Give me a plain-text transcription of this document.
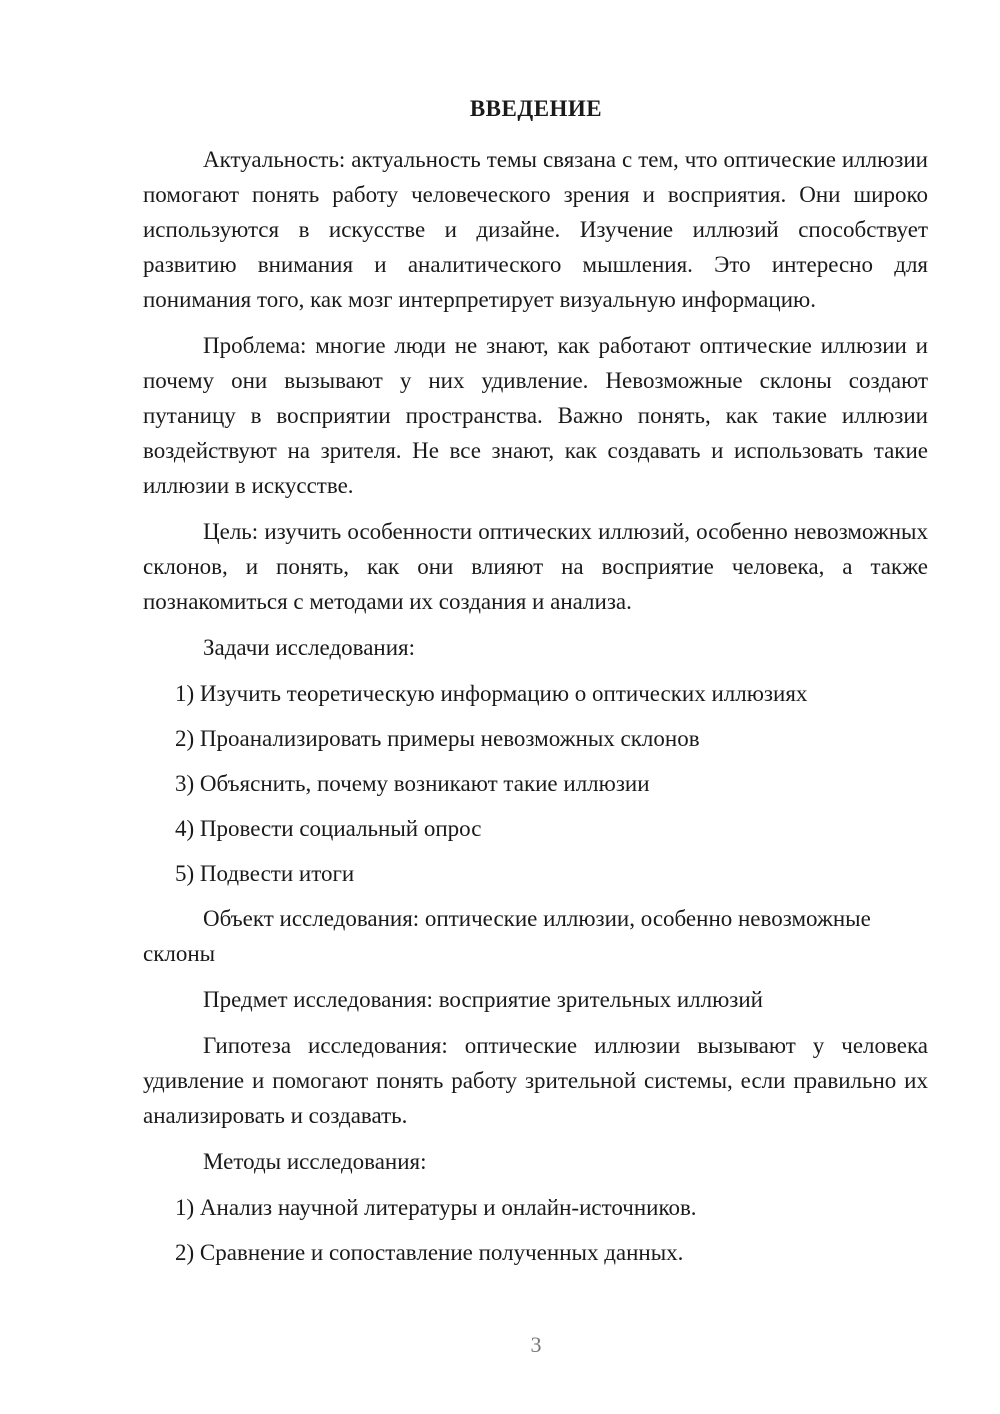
ВВЕДЕНИЕ

Актуальность: актуальность темы связана с тем, что оптические иллюзии помогают понять работу человеческого зрения и восприятия. Они широко используются в искусстве и дизайне. Изучение иллюзий способствует развитию внимания и аналитического мышления. Это интересно для понимания того, как мозг интерпретирует визуальную информацию.

Проблема: многие люди не знают, как работают оптические иллюзии и почему они вызывают у них удивление. Невозможные склоны создают путаницу в восприятии пространства. Важно понять, как такие иллюзии воздействуют на зрителя. Не все знают, как создавать и использовать такие иллюзии в искусстве.

Цель: изучить особенности оптических иллюзий, особенно невозможных склонов, и понять, как они влияют на восприятие человека, а также познакомиться с методами их создания и анализа.

Задачи исследования:

1) Изучить теоретическую информацию о оптических иллюзиях

2) Проанализировать примеры невозможных склонов

3) Объяснить, почему возникают такие иллюзии

4) Провести социальный опрос

5) Подвести итоги

Объект исследования: оптические иллюзии, особенно невозможные склоны

Предмет исследования: восприятие зрительных иллюзий

Гипотеза исследования: оптические иллюзии вызывают у человека удивление и помогают понять работу зрительной системы, если правильно их анализировать и создавать.

Методы исследования:

1) Анализ научной литературы и онлайн-источников.

2) Сравнение и сопоставление полученных данных.

3
